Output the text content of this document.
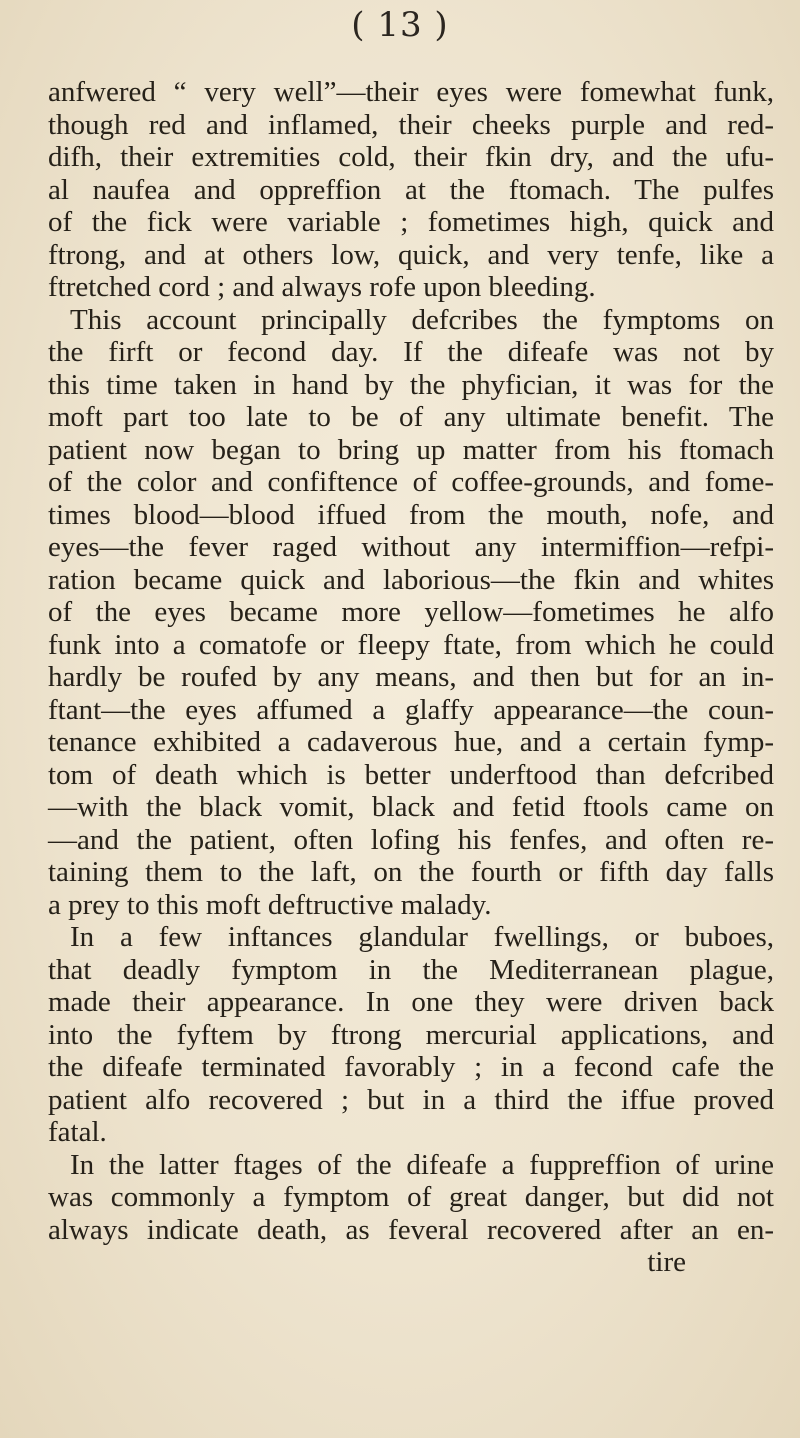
( 13 )
anfwered “ very well”—their eyes were fomewhat funk,
though red and inflamed, their cheeks purple and red-
difh, their extremities cold, their fkin dry, and the ufu-
al naufea and oppreffion at the ftomach. The pulfes
of the fick were variable ; fometimes high, quick and
ftrong, and at others low, quick, and very tenfe, like a
ftretched cord ; and always rofe upon bleeding.
This account principally defcribes the fymptoms on
the firft or fecond day. If the difeafe was not by
this time taken in hand by the phyfician, it was for the
moft part too late to be of any ultimate benefit. The
patient now began to bring up matter from his ftomach
of the color and confiftence of coffee-grounds, and fome-
times blood—blood iffued from the mouth, nofe, and
eyes—the fever raged without any intermiffion—refpi-
ration became quick and laborious—the fkin and whites
of the eyes became more yellow—fometimes he alfo
funk into a comatofe or fleepy ftate, from which he could
hardly be roufed by any means, and then but for an in-
ftant—the eyes affumed a glaffy appearance—the coun-
tenance exhibited a cadaverous hue, and a certain fymp-
tom of death which is better underftood than defcribed
—with the black vomit, black and fetid ftools came on
—and the patient, often lofing his fenfes, and often re-
taining them to the laft, on the fourth or fifth day falls
a prey to this moft deftructive malady.
In a few inftances glandular fwellings, or buboes,
that deadly fymptom in the Mediterranean plague,
made their appearance. In one they were driven back
into the fyftem by ftrong mercurial applications, and
the difeafe terminated favorably ; in a fecond cafe the
patient alfo recovered ; but in a third the iffue proved
fatal.
In the latter ftages of the difeafe a fuppreffion of urine
was commonly a fymptom of great danger, but did not
always indicate death, as feveral recovered after an en-
tire
